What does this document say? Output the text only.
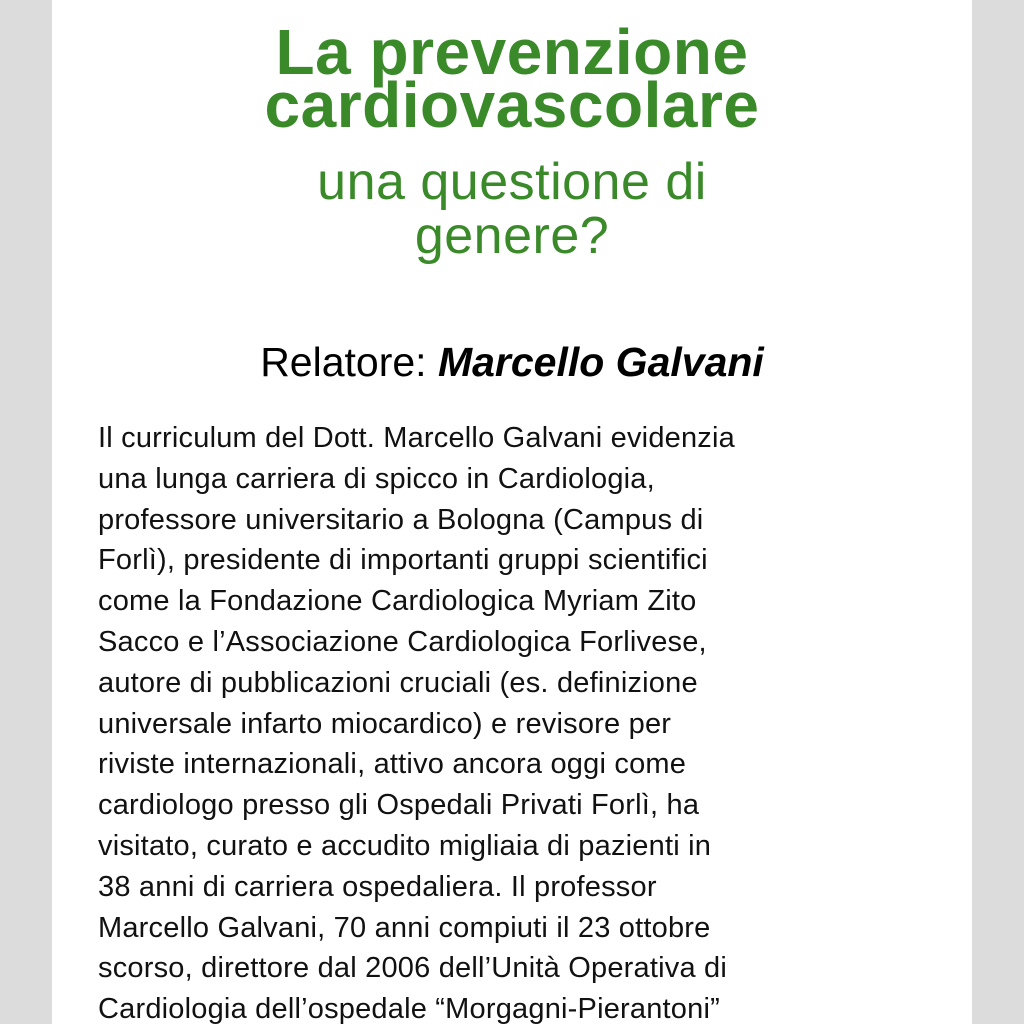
La prevenzione
cardiovascolare
una questione di
genere?
Relatore: Marcello Galvani
Il curriculum del Dott. Marcello Galvani evidenzia
una lunga carriera di spicco in Cardiologia,
professore universitario a Bologna (Campus di
Forlì), presidente di importanti gruppi scientifici
come la Fondazione Cardiologica Myriam Zito
Sacco e l’Associazione Cardiologica Forlivese,
autore di pubblicazioni cruciali (es. definizione
universale infarto miocardico) e revisore per
riviste internazionali, attivo ancora oggi come
cardiologo presso gli Ospedali Privati Forlì, ha
visitato, curato e accudito migliaia di pazienti in
38 anni di carriera ospedaliera. Il professor
Marcello Galvani, 70 anni compiuti il 23 ottobre
scorso, direttore dal 2006 dell’Unità Operativa di
Cardiologia dell’ospedale “Morgagni-Pierantoni”
